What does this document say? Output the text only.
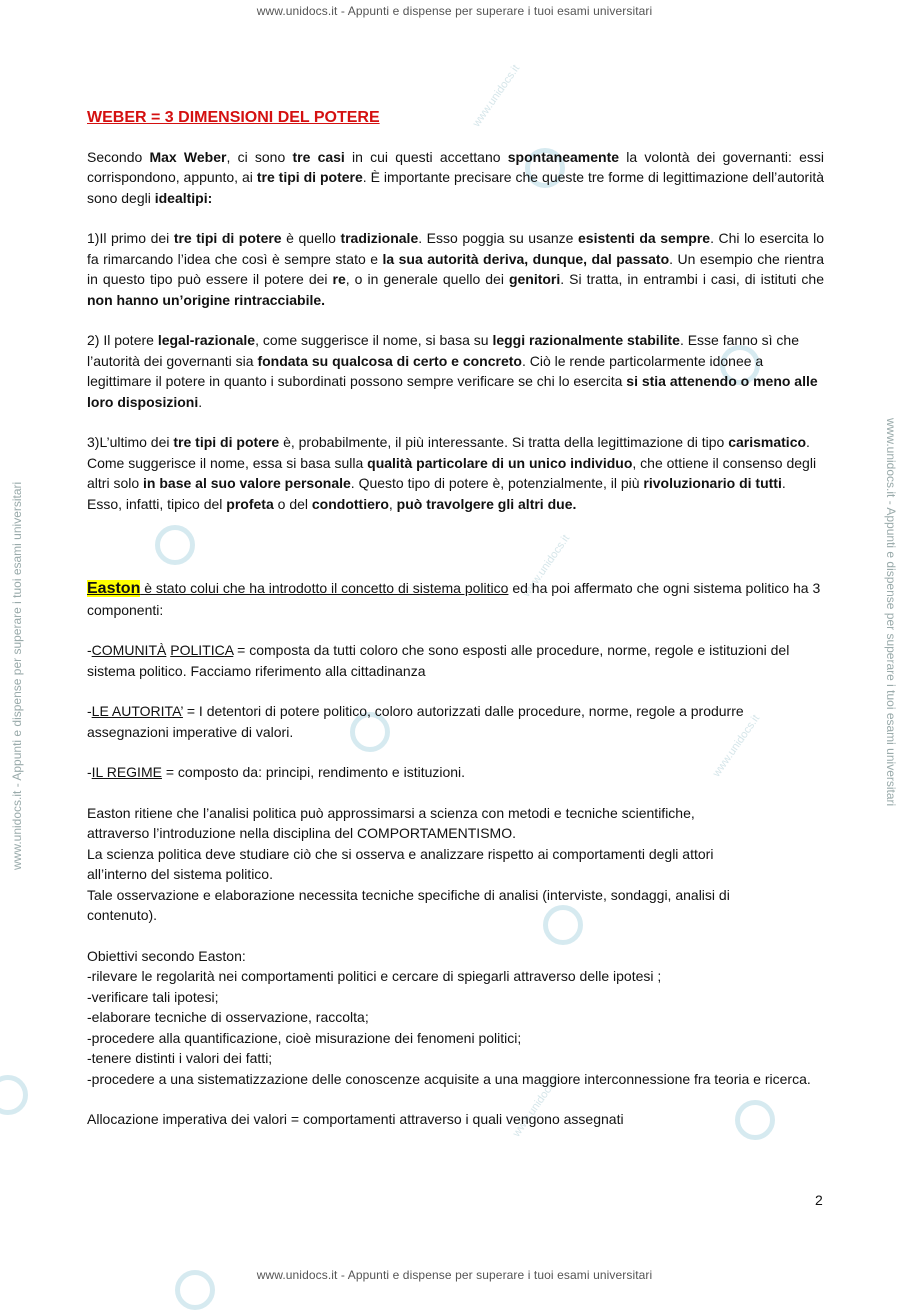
www.unidocs.it - Appunti e dispense per superare i tuoi esami universitari
www.unidocs.it - Appunti e dispense per superare i tuoi esami universitari	www.unidocs.it - Appunti e dispense per superare i tuoi esami universitari
www.unidocs.it
www.unidocs.it
www.unidocs.it
www.unidocs.it
WEBER = 3 DIMENSIONI DEL POTERE

Secondo Max Weber, ci sono tre casi in cui questi accettano spontaneamente la volontà dei governanti: essi corrispondono, appunto, ai tre tipi di potere. È importante precisare che queste tre forme di legittimazione dell’autorità sono degli idealtipi:

1)Il primo dei tre tipi di potere è quello tradizionale. Esso poggia su usanze esistenti da sempre. Chi lo esercita lo fa rimarcando l’idea che così è sempre stato e la sua autorità deriva, dunque, dal passato. Un esempio che rientra in questo tipo può essere il potere dei re, o in generale quello dei genitori. Si tratta, in entrambi i casi, di istituti che non hanno un’origine rintracciabile.

2) Il potere legal-razionale, come suggerisce il nome, si basa su leggi razionalmente stabilite. Esse fanno sì che l’autorità dei governanti sia fondata su qualcosa di certo e concreto. Ciò le rende particolarmente idonee a legittimare il potere in quanto i subordinati possono sempre verificare se chi lo esercita si stia attenendo o meno alle loro disposizioni.

3)L’ultimo dei tre tipi di potere è, probabilmente, il più interessante. Si tratta della legittimazione di tipo carismatico. Come suggerisce il nome, essa si basa sulla qualità particolare di un unico individuo, che ottiene il consenso degli altri solo in base al suo valore personale. Questo tipo di potere è, potenzialmente, il più rivoluzionario di tutti. Esso, infatti, tipico del profeta o del condottiero, può travolgere gli altri due.

Easton è stato colui che ha introdotto il concetto di sistema politico ed ha poi affermato che ogni sistema politico ha 3 componenti:

-COMUNITÀ POLITICA = composta da tutti coloro che sono esposti alle procedure, norme, regole e istituzioni del sistema politico. Facciamo riferimento alla cittadinanza

-LE AUTORITA’ = I detentori di potere politico, coloro autorizzati dalle procedure, norme, regole a produrre assegnazioni imperative di valori.

-IL REGIME = composto da: principi, rendimento e istituzioni.

Easton ritiene che l’analisi politica può approssimarsi a scienza con metodi e tecniche scientifiche,
attraverso l’introduzione nella disciplina del COMPORTAMENTISMO.
La scienza politica deve studiare ciò che si osserva e analizzare rispetto ai comportamenti degli attori
all’interno del sistema politico.
Tale osservazione e elaborazione necessita tecniche specifiche di analisi (interviste, sondaggi, analisi di
contenuto).

Obiettivi secondo Easton:
-rilevare le regolarità nei comportamenti politici e cercare di spiegarli attraverso delle ipotesi ;
-verificare tali ipotesi;
-elaborare tecniche di osservazione, raccolta;
-procedere alla quantificazione, cioè misurazione dei fenomeni politici;
-tenere distinti i valori dei fatti;
-procedere a una sistematizzazione delle conoscenze acquisite a una maggiore interconnessione fra teoria e ricerca.

Allocazione imperativa dei valori = comportamenti attraverso i quali vengono assegnati

2
www.unidocs.it - Appunti e dispense per superare i tuoi esami universitari
